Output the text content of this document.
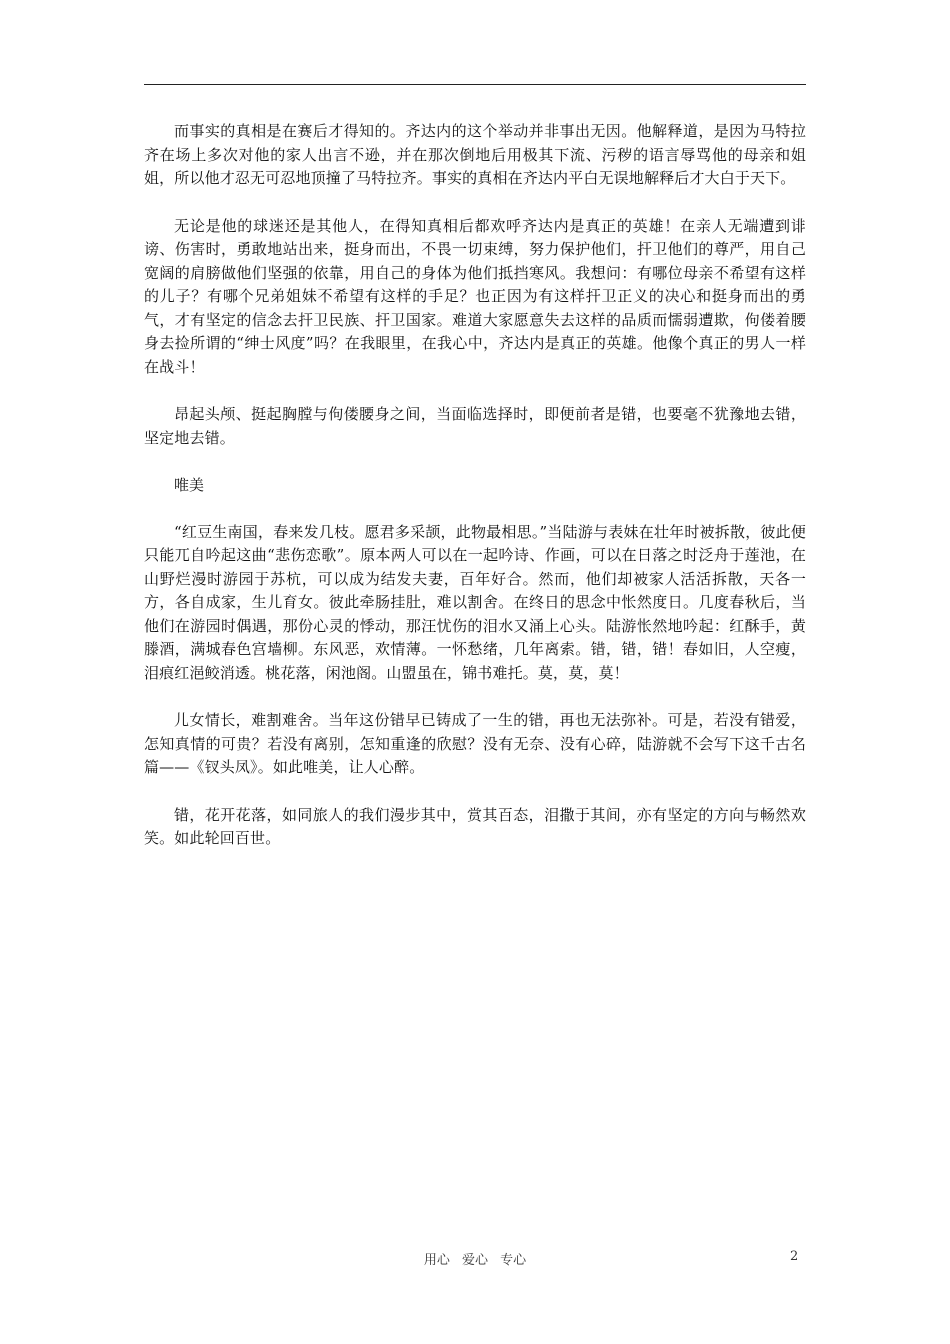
而事实的真相是在赛后才得知的。齐达内的这个举动并非事出无因。他解释道，是因为马特拉齐在场上多次对他的家人出言不逊，并在那次倒地后用极其下流、污秽的语言辱骂他的母亲和姐姐，所以他才忍无可忍地顶撞了马特拉齐。事实的真相在齐达内平白无误地解释后才大白于天下。

无论是他的球迷还是其他人，在得知真相后都欢呼齐达内是真正的英雄！在亲人无端遭到诽谤、伤害时，勇敢地站出来，挺身而出，不畏一切束缚，努力保护他们，扞卫他们的尊严，用自己宽阔的肩膀做他们坚强的依靠，用自己的身体为他们抵挡寒风。我想问：有哪位母亲不希望有这样的儿子？有哪个兄弟姐妹不希望有这样的手足？也正因为有这样扞卫正义的决心和挺身而出的勇气，才有坚定的信念去扞卫民族、扞卫国家。难道大家愿意失去这样的品质而懦弱遭欺，佝偻着腰身去捡所谓的“绅士风度”吗？在我眼里，在我心中，齐达内是真正的英雄。他像个真正的男人一样在战斗！

昂起头颅、挺起胸膛与佝偻腰身之间，当面临选择时，即便前者是错，也要毫不犹豫地去错，坚定地去错。

唯美

“红豆生南国，春来发几枝。愿君多采颉，此物最相思。”当陆游与表妹在壮年时被拆散，彼此便只能兀自吟起这曲“悲伤恋歌”。原本两人可以在一起吟诗、作画，可以在日落之时泛舟于莲池，在山野烂漫时游园于苏杭，可以成为结发夫妻，百年好合。然而，他们却被家人活活拆散，天各一方，各自成家，生儿育女。彼此牵肠挂肚，难以割舍。在终日的思念中怅然度日。几度春秋后，当他们在游园时偶遇，那份心灵的悸动，那汪忧伤的泪水又涌上心头。陆游怅然地吟起：红酥手，黄滕酒，满城春色宫墙柳。东风恶，欢情薄。一怀愁绪，几年离索。错，错，错！春如旧，人空瘦，泪痕红浥鲛消透。桃花落，闲池阁。山盟虽在，锦书难托。莫，莫，莫！

儿女情长，难割难舍。当年这份错早已铸成了一生的错，再也无法弥补。可是，若没有错爱，怎知真情的可贵？若没有离别，怎知重逢的欣慰？没有无奈、没有心碎，陆游就不会写下这千古名篇——《钗头凤》。如此唯美，让人心醉。

错，花开花落，如同旅人的我们漫步其中，赏其百态，泪撒于其间，亦有坚定的方向与畅然欢笑。如此轮回百世。

用心 爱心 专心	2
